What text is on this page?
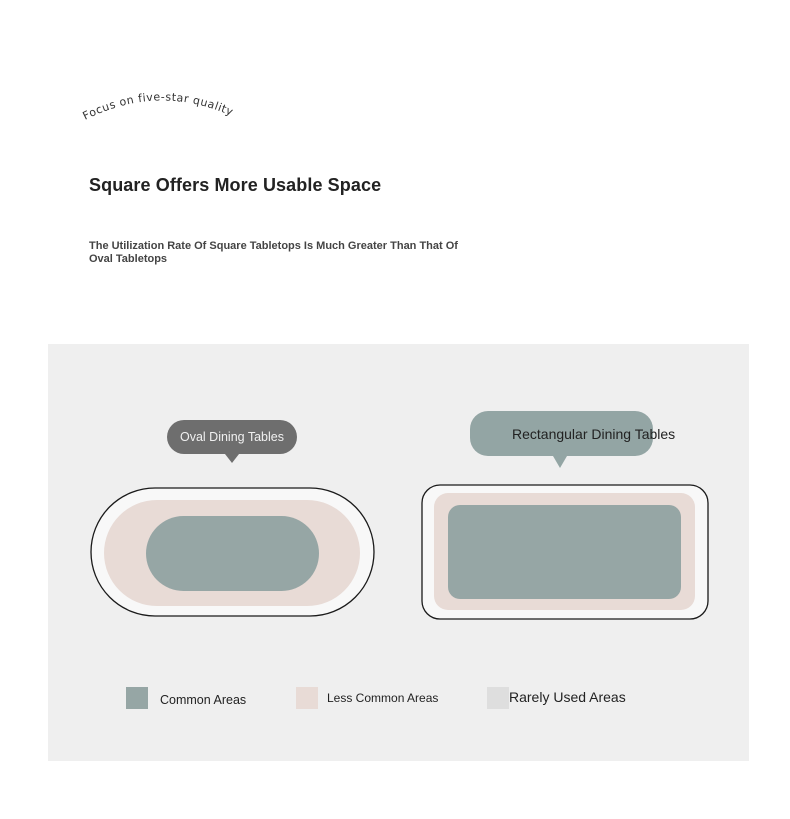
Focus on five-star quality
Square Offers More Usable Space

The Utilization Rate Of Square Tabletops Is Much Greater Than That Of Oval Tabletops

Oval Dining Tables	Rectangular Dining Tables
Common Areas	Less Common Areas	Rarely Used Areas
